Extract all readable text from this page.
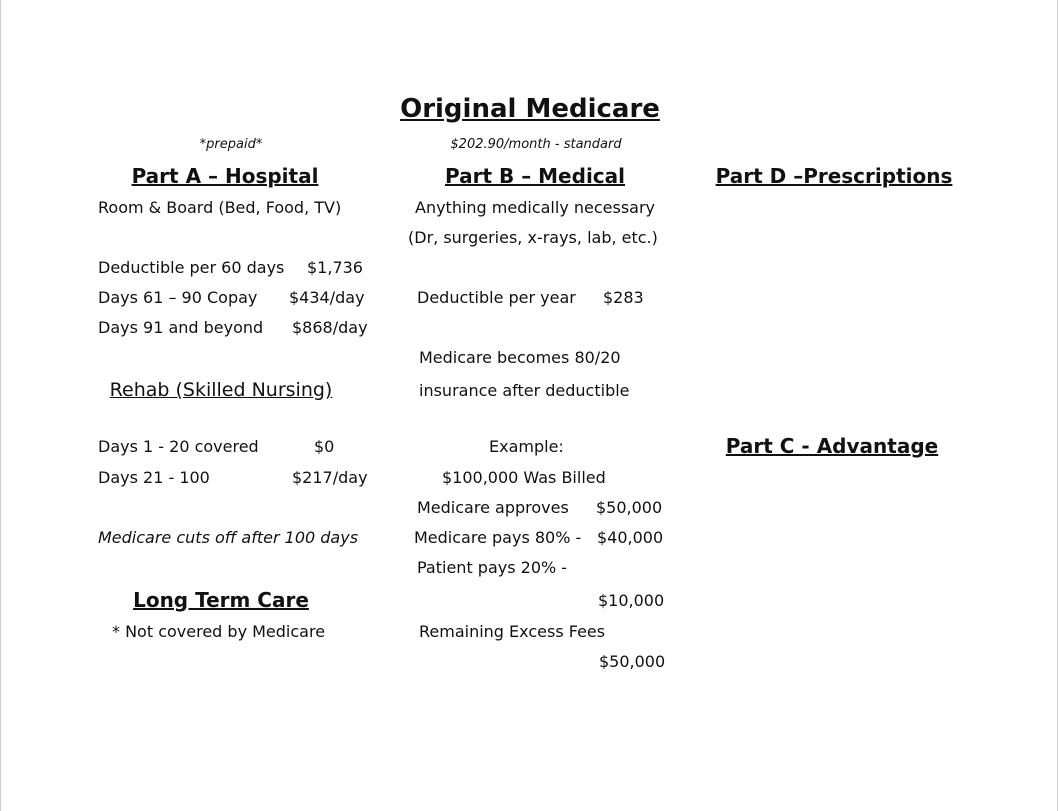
Original Medicare
*prepaid*	$202.90/month - standard
Part A – Hospital	Part B – Medical	Part D –Prescriptions
Room & Board (Bed, Food, TV)
Deductible per 60 days $1,736
Days 61 – 90 Copay $434/day
Days 91 and beyond $868/day
Rehab (Skilled Nursing)
Days 1 - 20 covered	$0
Days 21 - 100	$217/day
Medicare cuts off after 100 days
Long Term Care
* Not covered by Medicare
Anything medically necessary
(Dr, surgeries, x-rays, lab, etc.)
Deductible per year $283
Medicare becomes 80/20
insurance after deductible
Example:
$100,000 Was Billed
Medicare approves $50,000
Medicare pays 80% - $40,000
Patient pays 20% -
$10,000
Remaining Excess Fees
$50,000
Part C - Advantage
